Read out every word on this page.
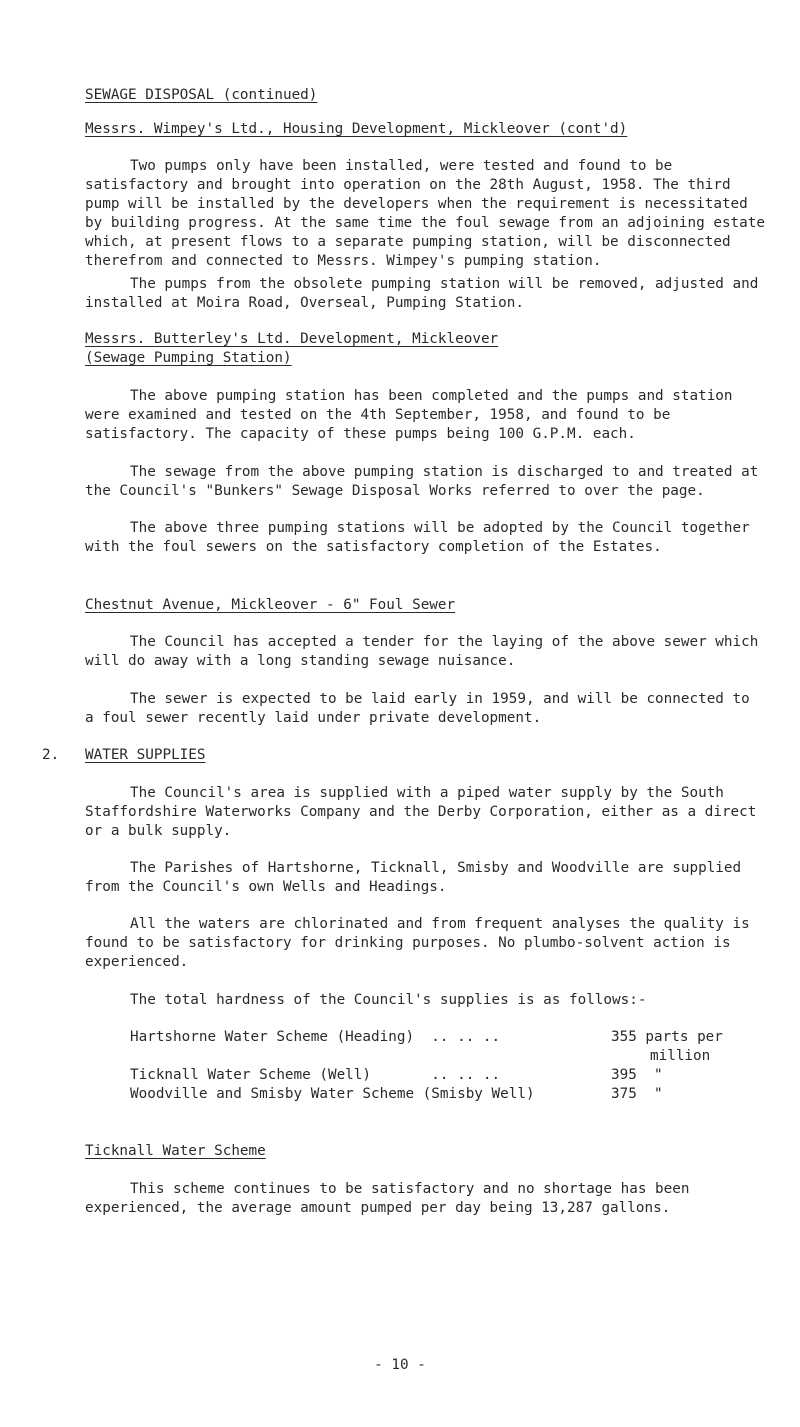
SEWAGE DISPOSAL (continued)
Messrs. Wimpey's Ltd., Housing Development, Mickleover (cont'd)

Two pumps only have been installed, were tested and found to be satisfactory and brought into operation on the 28th August, 1958. The third pump will be installed by the developers when the requirement is necessitated by building progress. At the same time the foul sewage from an adjoining estate which, at present flows to a separate pumping station, will be disconnected therefrom and connected to Messrs. Wimpey's pumping station.

The pumps from the obsolete pumping station will be removed, adjusted and installed at Moira Road, Overseal, Pumping Station.

Messrs. Butterley's Ltd. Development, Mickleover
(Sewage Pumping Station)

The above pumping station has been completed and the pumps and station were examined and tested on the 4th September, 1958, and found to be satisfactory. The capacity of these pumps being 100 G.P.M. each.

The sewage from the above pumping station is discharged to and treated at the Council's "Bunkers" Sewage Disposal Works referred to over the page.

The above three pumping stations will be adopted by the Council together with the foul sewers on the satisfactory completion of the Estates.

Chestnut Avenue, Mickleover - 6" Foul Sewer

The Council has accepted a tender for the laying of the above sewer which will do away with a long standing sewage nuisance.

The sewer is expected to be laid early in 1959, and will be connected to a foul sewer recently laid under private development.

2. WATER SUPPLIES

The Council's area is supplied with a piped water supply by the South Staffordshire Waterworks Company and the Derby Corporation, either as a direct or a bulk supply.

The Parishes of Hartshorne, Ticknall, Smisby and Woodville are supplied from the Council's own Wells and Headings.

All the waters are chlorinated and from frequent analyses the quality is found to be satisfactory for drinking purposes. No plumbo-solvent action is experienced.

The total hardness of the Council's supplies is as follows:-

Hartshorne Water Scheme (Heading)  .. .. ..	355 parts per
million
Ticknall Water Scheme (Well)       .. .. ..	395  "
Woodville and Smisby Water Scheme (Smisby Well)	375  "
Ticknall Water Scheme

This scheme continues to be satisfactory and no shortage has been experienced, the average amount pumped per day being 13,287 gallons.

- 10 -
